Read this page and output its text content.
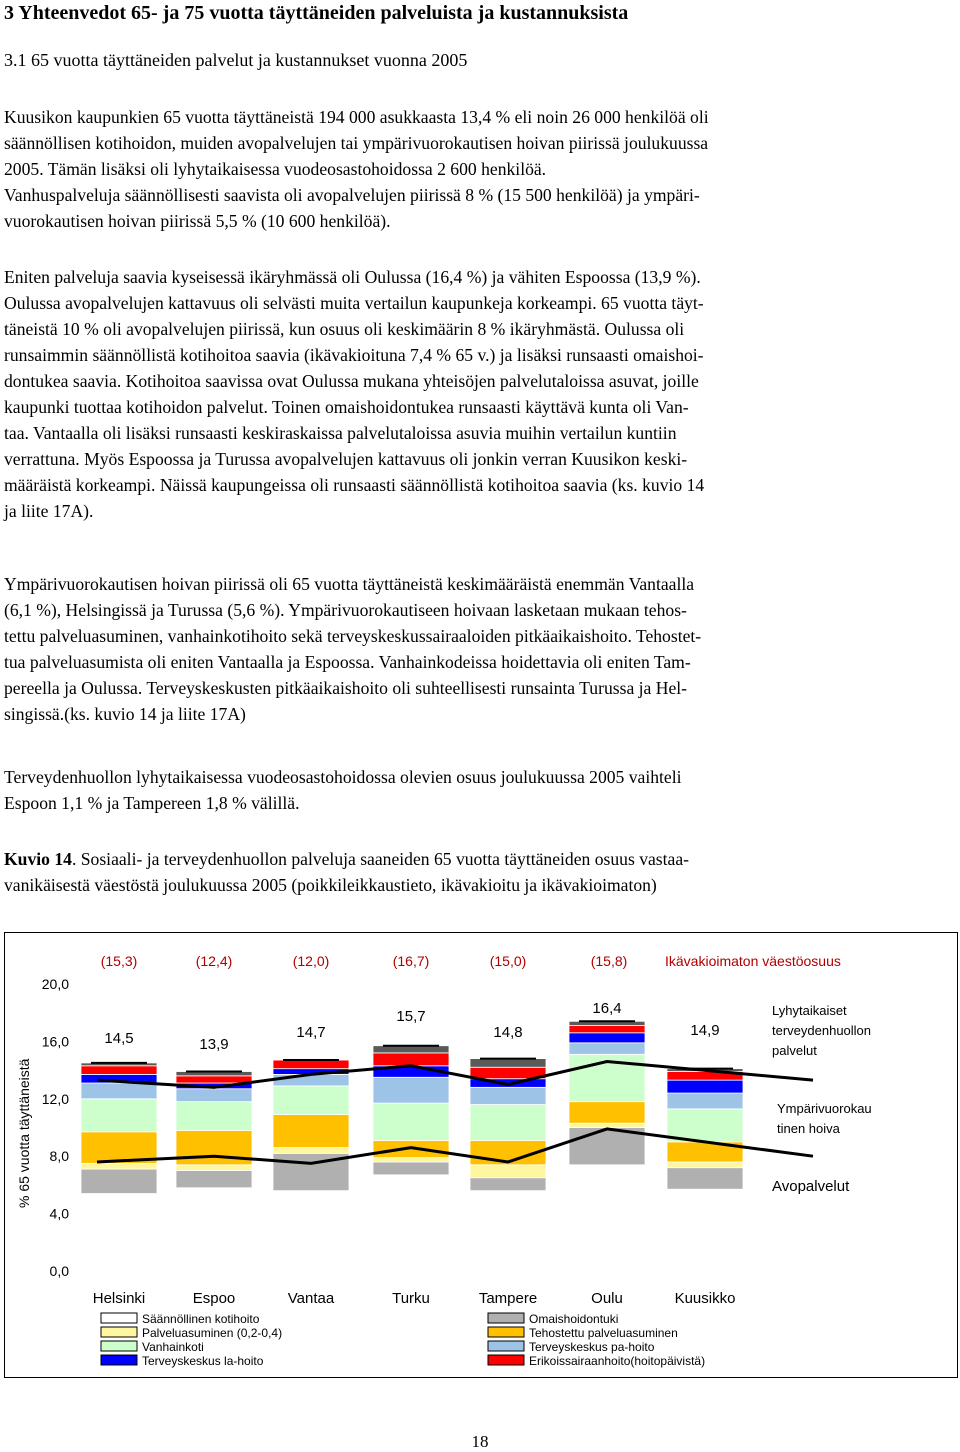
3 Yhteenvedot 65- ja 75 vuotta täyttäneiden palveluista ja kustannuksista
3.1 65 vuotta täyttäneiden palvelut ja kustannukset vuonna 2005
Kuusikon kaupunkien 65 vuotta täyttäneistä 194 000 asukkaasta 13,4 % eli noin 26 000 henkilöä oli
säännöllisen kotihoidon, muiden avopalvelujen tai ympärivuorokautisen hoivan piirissä joulukuussa
2005. Tämän lisäksi oli lyhytaikaisessa vuodeosastohoidossa 2 600 henkilöä.
Vanhuspalveluja säännöllisesti saavista oli avopalvelujen piirissä 8 % (15 500 henkilöä) ja ympäri-
vuorokautisen hoivan piirissä 5,5 % (10 600 henkilöä).
Eniten palveluja saavia kyseisessä ikäryhmässä oli Oulussa (16,4 %) ja vähiten Espoossa (13,9 %).
Oulussa avopalvelujen kattavuus oli selvästi muita vertailun kaupunkeja korkeampi. 65 vuotta täyt-
täneistä 10 % oli avopalvelujen piirissä, kun osuus oli keskimäärin 8 % ikäryhmästä. Oulussa oli
runsaimmin säännöllistä kotihoitoa saavia (ikävakioituna 7,4 % 65 v.) ja lisäksi runsaasti omaishoi-
dontukea saavia. Kotihoitoa saavissa ovat Oulussa mukana yhteisöjen palvelutaloissa asuvat, joille
kaupunki tuottaa kotihoidon palvelut. Toinen omaishoidontukea runsaasti käyttävä kunta oli Van-
taa. Vantaalla oli lisäksi runsaasti keskiraskaissa palvelutaloissa asuvia muihin vertailun kuntiin
verrattuna. Myös Espoossa ja Turussa avopalvelujen kattavuus oli jonkin verran Kuusikon keski-
määräistä korkeampi. Näissä kaupungeissa oli runsaasti säännöllistä kotihoitoa saavia (ks. kuvio 14
ja liite 17A).
Ympärivuorokautisen hoivan piirissä oli 65 vuotta täyttäneistä keskimääräistä enemmän Vantaalla
(6,1 %), Helsingissä ja Turussa (5,6 %). Ympärivuorokautiseen hoivaan lasketaan mukaan tehos-
tettu palveluasuminen, vanhainkotihoito sekä terveyskeskussairaaloiden pitkäaikaishoito. Tehostet-
tua palveluasumista oli eniten Vantaalla ja Espoossa. Vanhainkodeissa hoidettavia oli eniten Tam-
pereella ja Oulussa. Terveyskeskusten pitkäaikaishoito oli suhteellisesti runsainta Turussa ja Hel-
singissä.(ks. kuvio 14 ja liite 17A)
Terveydenhuollon lyhytaikaisessa vuodeosastohoidossa olevien osuus joulukuussa 2005 vaihteli
Espoon 1,1 % ja Tampereen 1,8 % välillä.
Kuvio 14. Sosiaali- ja terveydenhuollon palveluja saaneiden 65 vuotta täyttäneiden osuus vastaa-
vanikäisestä väestöstä joulukuussa 2005 (poikkileikkaustieto, ikävakioitu ja ikävakioimaton)
% 65 vuotta täyttäneistä
0,0
4,0
8,0
12,0
16,0
20,0
Helsinki	Espoo	Vantaa	Turku	Tampere	Oulu	Kuusikko
14,5	13,9
14,7
15,7
14,8
16,4
14,9
(15,3)	(12,4)	(12,0)	(16,7)	(15,0)	(15,8)	Ikävakioimaton väestöosuus
Lyhytaikaiset
terveydenhuollon
palvelut
Ympärivuorokau
tinen hoiva
Avopalvelut
Säännöllinen kotihoito	Omaishoidontuki
Palveluasuminen (0,2-0,4)	Tehostettu palveluasuminen
Vanhainkoti	Terveyskeskus pa-hoito
Terveyskeskus la-hoito	Erikoissairaanhoito(hoitopäivistä)
18
